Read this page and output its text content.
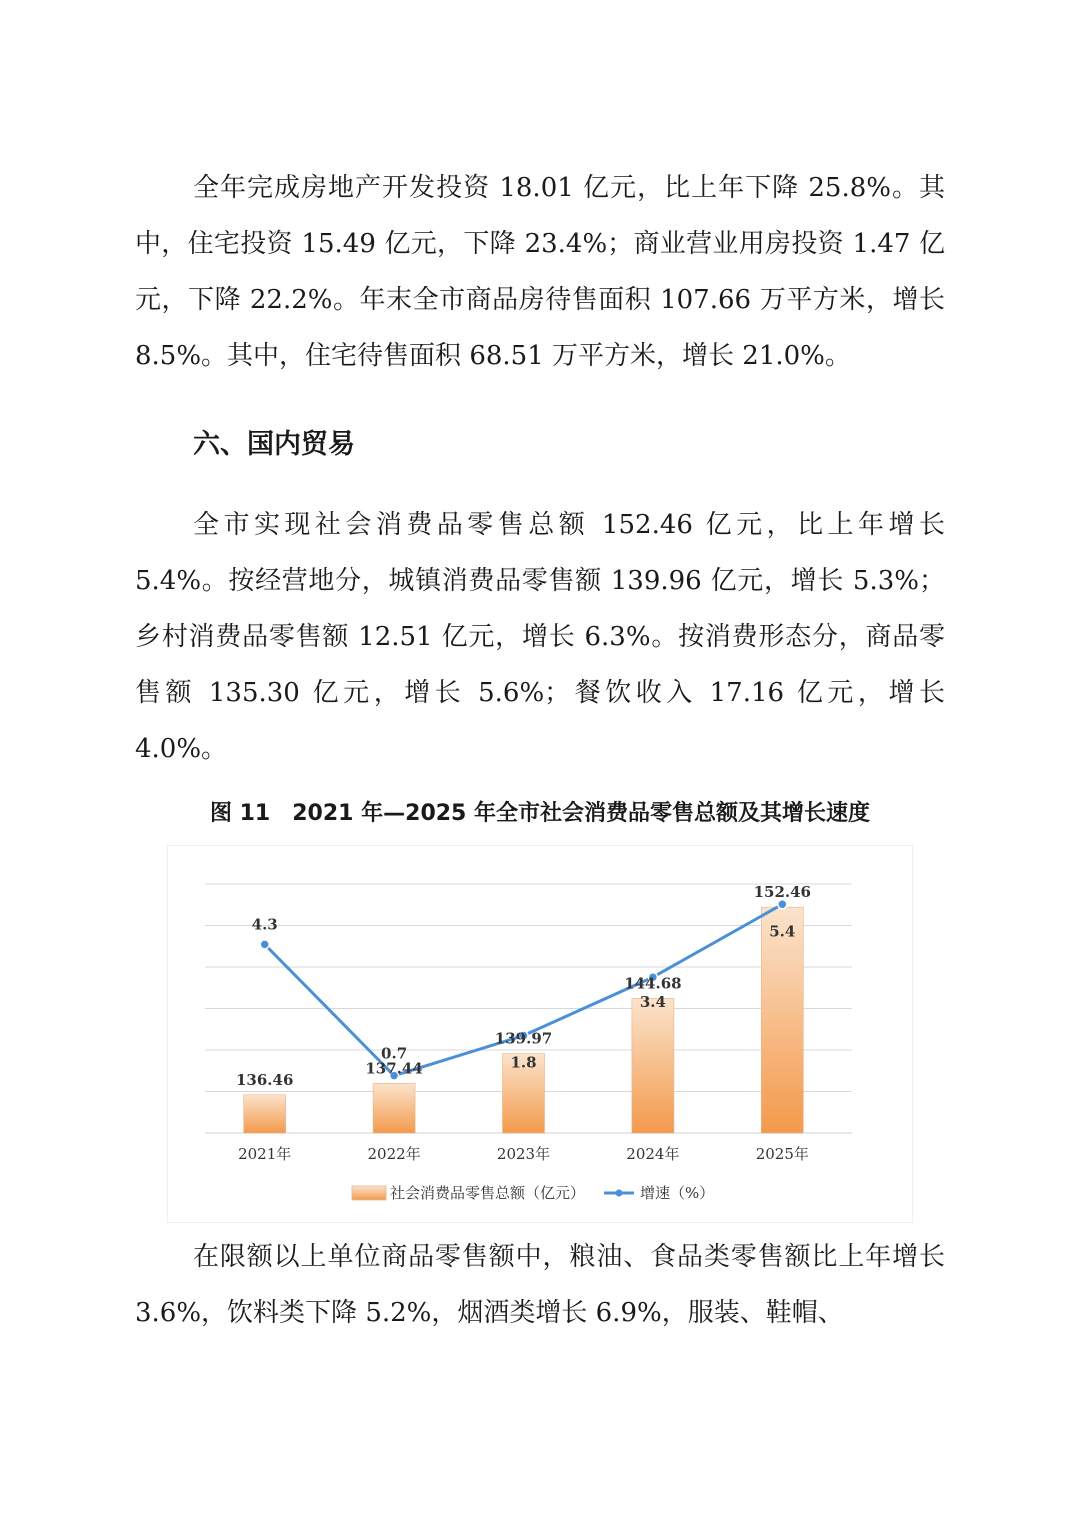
全年完成房地产开发投资 18.01 亿元，比上年下降 25.8%。其中，住宅投资 15.49 亿元，下降 23.4%；商业营业用房投资 1.47 亿元，下降 22.2%。年末全市商品房待售面积 107.66 万平方米，增长 8.5%。其中，住宅待售面积 68.51 万平方米，增长 21.0%。

六、国内贸易

全市实现社会消费品零售总额 152.46 亿元，比上年增长 5.4%。按经营地分，城镇消费品零售额 139.96 亿元，增长 5.3%；乡村消费品零售额 12.51 亿元，增长 6.3%。按消费形态分，商品零售额 135.30 亿元，增长 5.6%；餐饮收入 17.16 亿元，增长 4.0%。

图 11　2021 年—2025 年全市社会消费品零售总额及其增长速度

136.46
137.44
139.97
144.68
152.46
4.3
0.7	1.8
3.4
5.4
2021年	2022年	2023年	2024年	2025年
社会消费品零售总额（亿元）	增速（%）

在限额以上单位商品零售额中，粮油、食品类零售额比上年增长 3.6%，饮料类下降 5.2%，烟酒类增长 6.9%，服装、鞋帽、
